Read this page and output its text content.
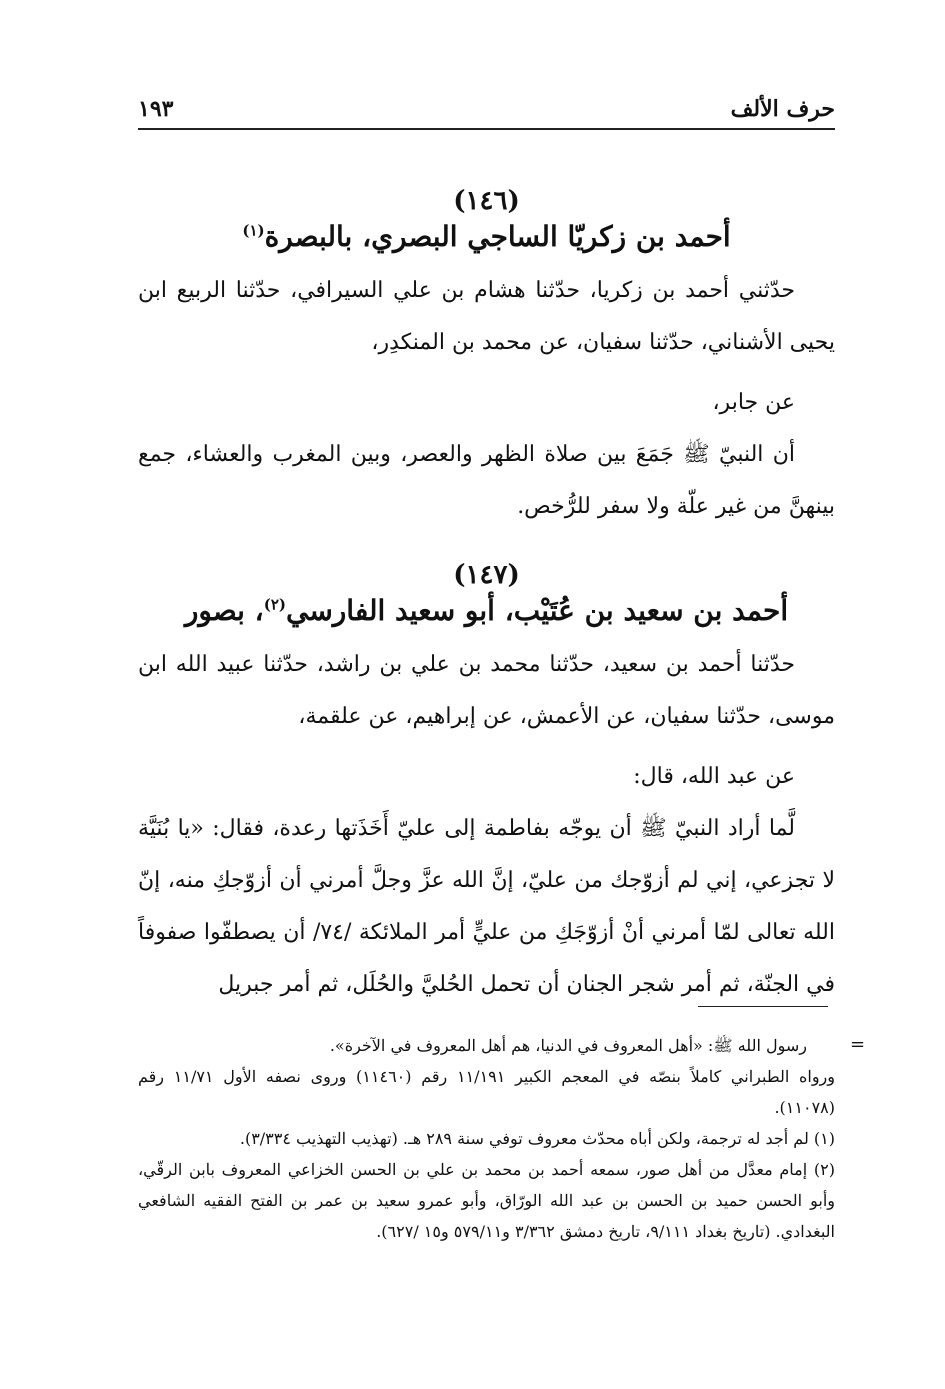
حرف الألف
١٩٣

(١٤٦)

أحمد بن زكريّا الساجي البصري، بالبصرة$^{(١)}$

حدّثني أحمد بن زكريا، حدّثنا هشام بن علي السيرافي، حدّثنا الربيع ابن يحيى الأشناني، حدّثنا سفيان، عن محمد بن المنكدِر،

عن جابر،

أن النبيّ ﷺ جَمَعَ بين صلاة الظهر والعصر، وبين المغرب والعشاء، جمع بينهنَّ من غير علّة ولا سفر للرُّخص.

(١٤٧)

أحمد بن سعيد بن عُتَيْب، أبو سعيد الفارسي$^{(٢)}$، بصور

حدّثنا أحمد بن سعيد، حدّثنا محمد بن علي بن راشد، حدّثنا عبيد الله ابن موسى، حدّثنا سفيان، عن الأعمش، عن إبراهيم، عن علقمة،

عن عبد الله، قال:

لَّما أراد النبيّ ﷺ أن يوجّه بفاطمة إلى عليّ أَخَذَتها رعدة، فقال: «يا بُنَيَّة لا تجزعي، إني لم أزوّجك من عليّ، إنَّ الله عزَّ وجلَّ أمرني أن أزوّجكِ منه، إنّ الله تعالى لمّا أمرني أنْ أزوّجَكِ من عليٍّ أمر الملائكة /٧٤/ أن يصطفّوا صفوفاً في الجنّة، ثم أمر شجر الجنان أن تحمل الحُليَّ والحُلَل، ثم أمر جبريل

=

رسول الله ﷺ: «أهل المعروف في الدنيا، هم أهل المعروف في الآخرة».

ورواه الطبراني كاملاً بنصّه في المعجم الكبير ١١/١٩١ رقم (١١٤٦٠) وروى نصفه الأول ١١/٧١ رقم (١١٠٧٨).

(١) لم أجد له ترجمة، ولكن أباه محدّث معروف توفي سنة ٢٨٩ هـ. (تهذيب التهذيب ٣/٣٣٤).

(٢) إمام معدَّل من أهل صور، سمعه أحمد بن محمد بن علي بن الحسن الخزاعي المعروف بابن الرقّي، وأبو الحسن حميد بن الحسن بن عبد الله الورّاق، وأبو عمرو سعيد بن عمر بن الفتح الفقيه الشافعي البغدادي. (تاريخ بغداد ٩/١١١، تاريخ دمشق ٣/٣٦٢ و٥٧٩/١١ و١٥ /٦٢٧).
